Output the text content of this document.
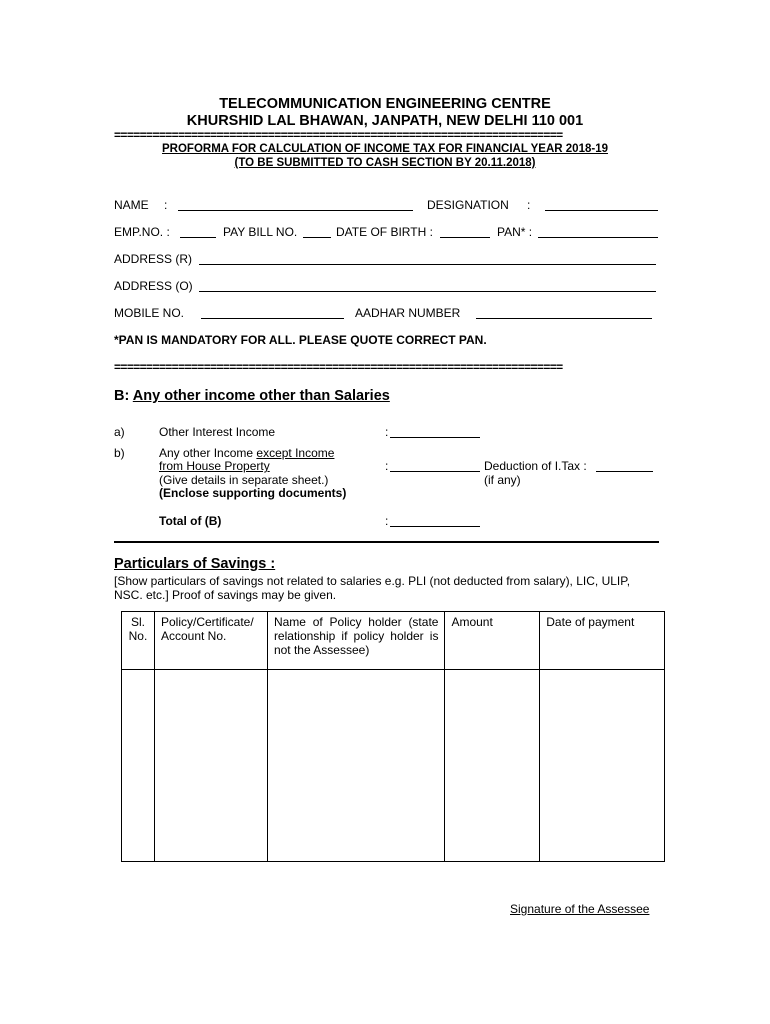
TELECOMMUNICATION ENGINEERING CENTRE
KHURSHID LAL BHAWAN, JANPATH, NEW DELHI 110 001
======================================================================
PROFORMA FOR CALCULATION OF INCOME TAX FOR FINANCIAL YEAR 2018-19
(TO BE SUBMITTED TO CASH SECTION BY 20.11.2018)
NAME :	DESIGNATION :
EMP.NO. :	PAY BILL NO.	DATE OF BIRTH :	PAN* :
ADDRESS (R)
ADDRESS (O)
MOBILE NO.	AADHAR NUMBER
*PAN IS MANDATORY FOR ALL. PLEASE QUOTE CORRECT PAN.
======================================================================
B: Any other income other than Salaries
a)	Other Interest Income	:
b)	Any other Income except Income
from House Property
(Give details in separate sheet.)
(Enclose supporting documents)
:	Deduction of I.Tax :
(if any)
Total of (B)	:
Particulars of Savings :
[Show particulars of savings not related to salaries e.g. PLI (not deducted from salary), LIC, ULIP,
NSC. etc.] Proof of savings may be given.
Sl. No.	Policy/Certificate/ Account No.	Name of Policy holder (state relationship if policy holder is not the Assessee)	Amount	Date of payment

Signature of the Assessee
